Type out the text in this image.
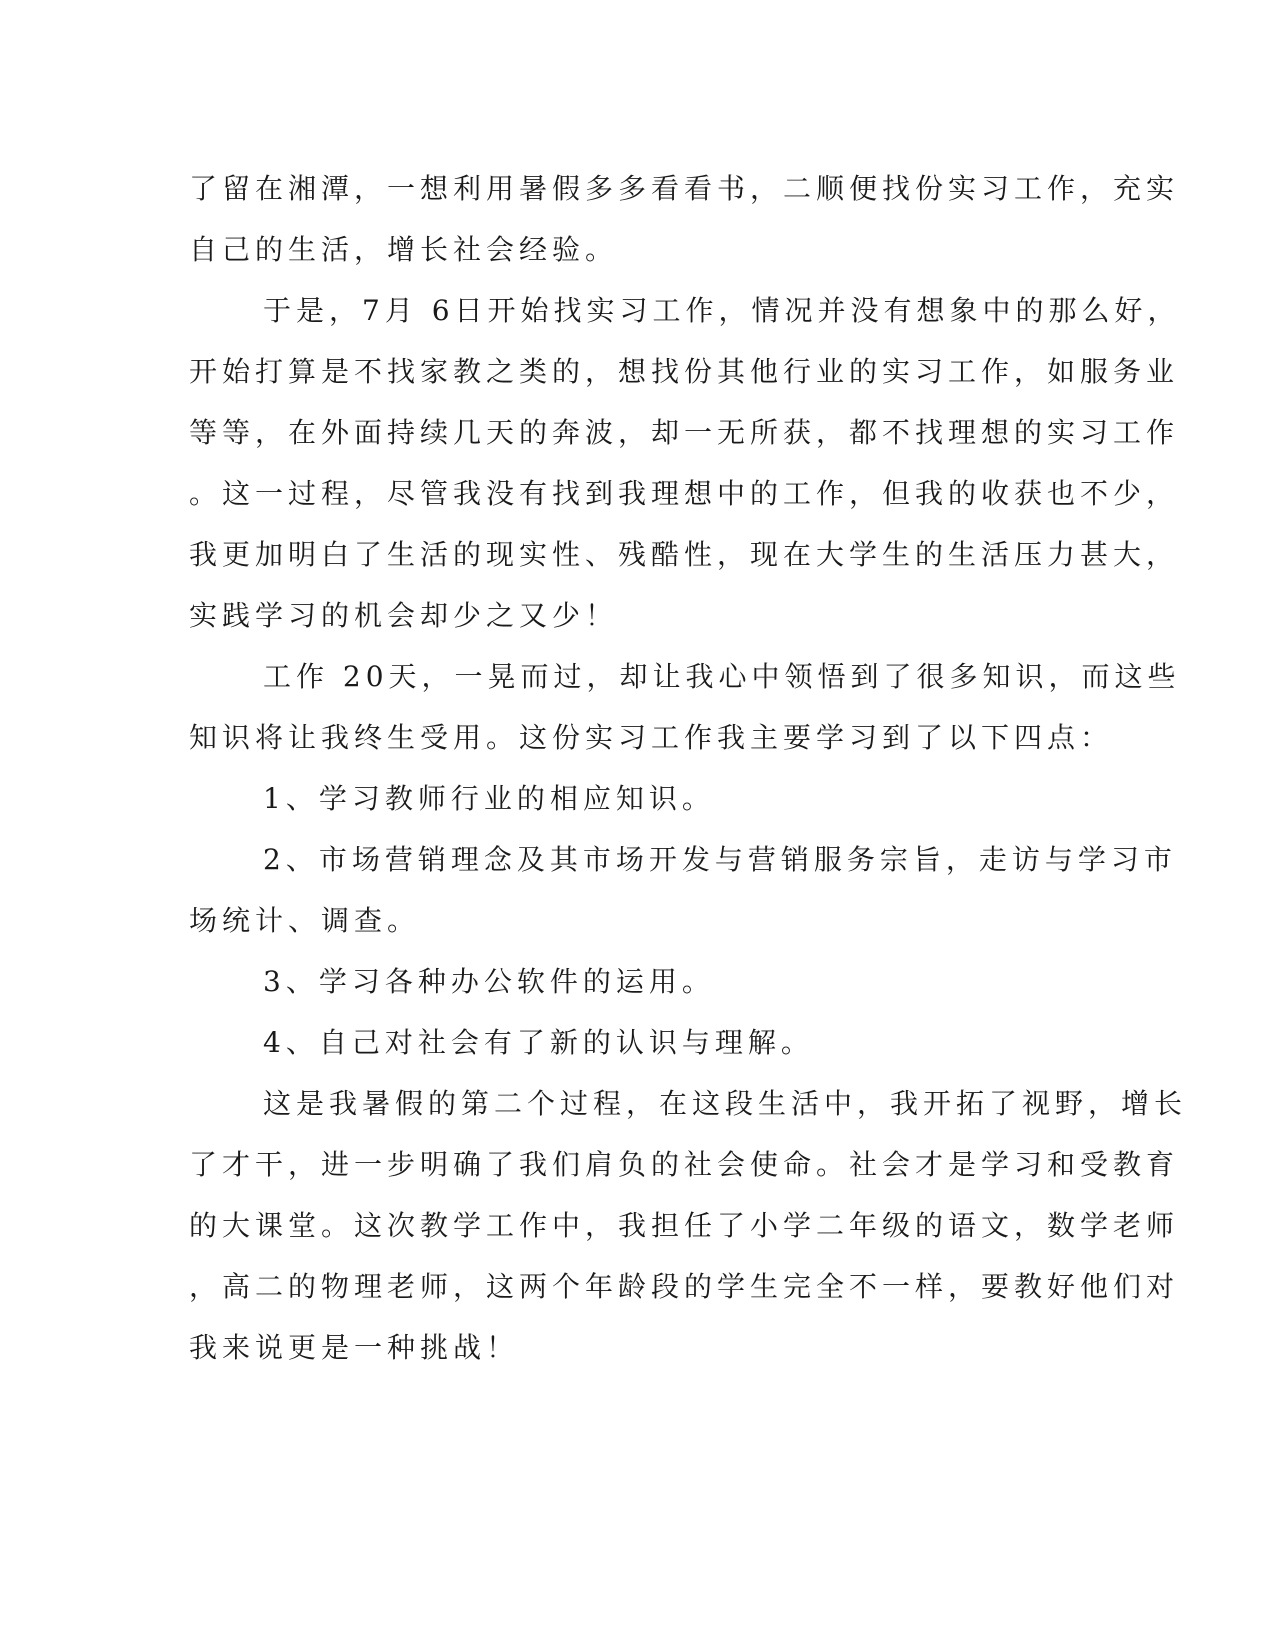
了留在湘潭，一想利用暑假多多看看书，二顺便找份实习工作，充实
自己的生活，增长社会经验。
于是，7月 6日开始找实习工作，情况并没有想象中的那么好，
开始打算是不找家教之类的，想找份其他行业的实习工作，如服务业
等等，在外面持续几天的奔波，却一无所获，都不找理想的实习工作
。这一过程，尽管我没有找到我理想中的工作，但我的收获也不少，
我更加明白了生活的现实性、残酷性，现在大学生的生活压力甚大，
实践学习的机会却少之又少！
工作 20天，一晃而过，却让我心中领悟到了很多知识，而这些
知识将让我终生受用。这份实习工作我主要学习到了以下四点：
1、学习教师行业的相应知识。
2、市场营销理念及其市场开发与营销服务宗旨，走访与学习市
场统计、调查。
3、学习各种办公软件的运用。
4、自己对社会有了新的认识与理解。
这是我暑假的第二个过程，在这段生活中，我开拓了视野，增长
了才干，进一步明确了我们肩负的社会使命。社会才是学习和受教育
的大课堂。这次教学工作中，我担任了小学二年级的语文，数学老师
，高二的物理老师，这两个年龄段的学生完全不一样，要教好他们对
我来说更是一种挑战！
